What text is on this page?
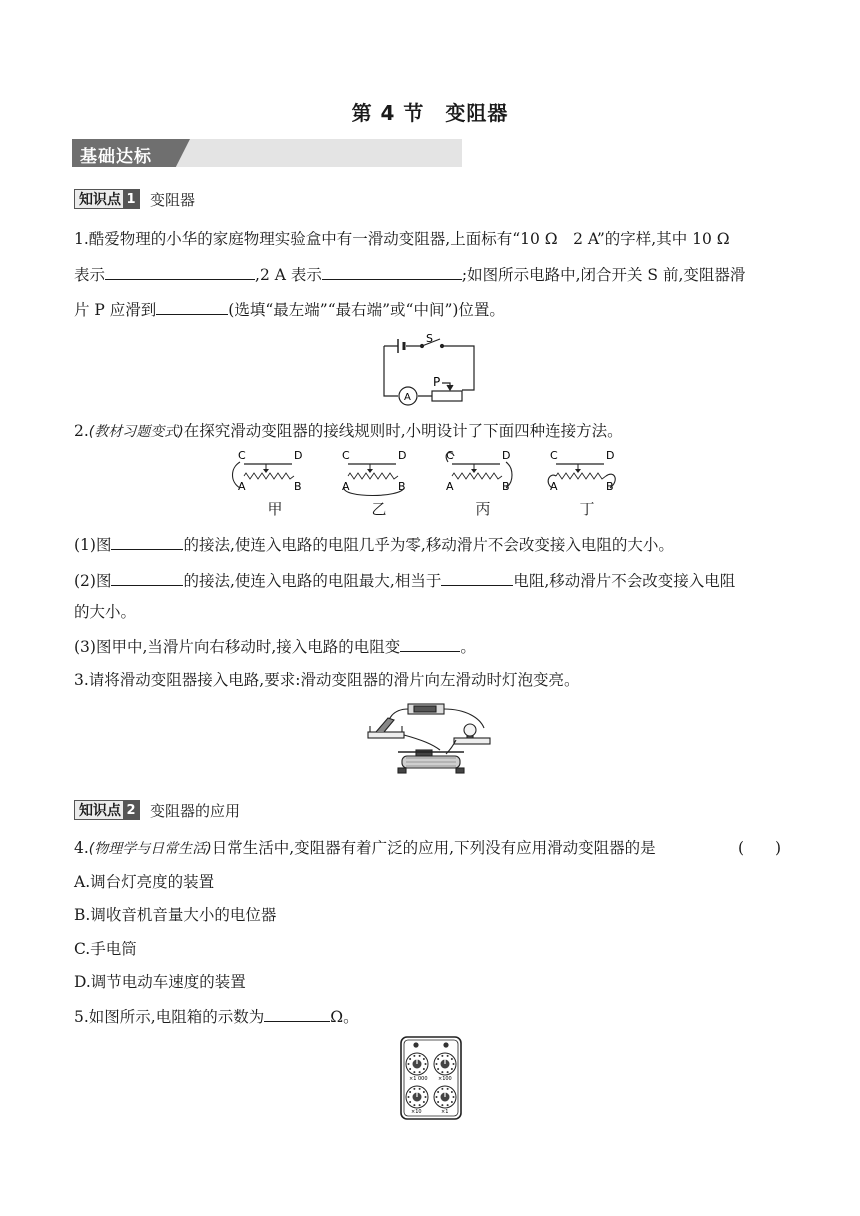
第 4 节　变阻器
基础达标
知识点 1 变阻器
1.酷爱物理的小华的家庭物理实验盒中有一滑动变阻器,上面标有“10 Ω　2 A”的字样,其中 10 Ω
表示	,2 A 表示	;如图所示电路中,闭合开关 S 前,变阻器滑
片 P 应滑到	(选填“最左端”“最右端”或“中间”)位置。
S
P
A
2.(教材习题变式)在探究滑动变阻器的接线规则时,小明设计了下面四种连接方法。
C	D
A	B
C	D
A	B
C	D
A	B
C	D
A	B
甲	乙	丙	丁
(1)图	的接法,使连入电路的电阻几乎为零,移动滑片不会改变接入电阻的大小。
(2)图	的接法,使连入电路的电阻最大,相当于	电阻,移动滑片不会改变接入电阻
的大小。
(3)图甲中,当滑片向右移动时,接入电路的电阻变	。
3.请将滑动变阻器接入电路,要求:滑动变阻器的滑片向左滑动时灯泡变亮。
知识点 2 变阻器的应用
4.(物理学与日常生活)日常生活中,变阻器有着广泛的应用,下列没有应用滑动变阻器的是	(　　)
A.调台灯亮度的装置
B.调收音机音量大小的电位器
C.手电筒
D.调节电动车速度的装置
5.如图所示,电阻箱的示数为	Ω。
×1 000 ×100
×10	×1
